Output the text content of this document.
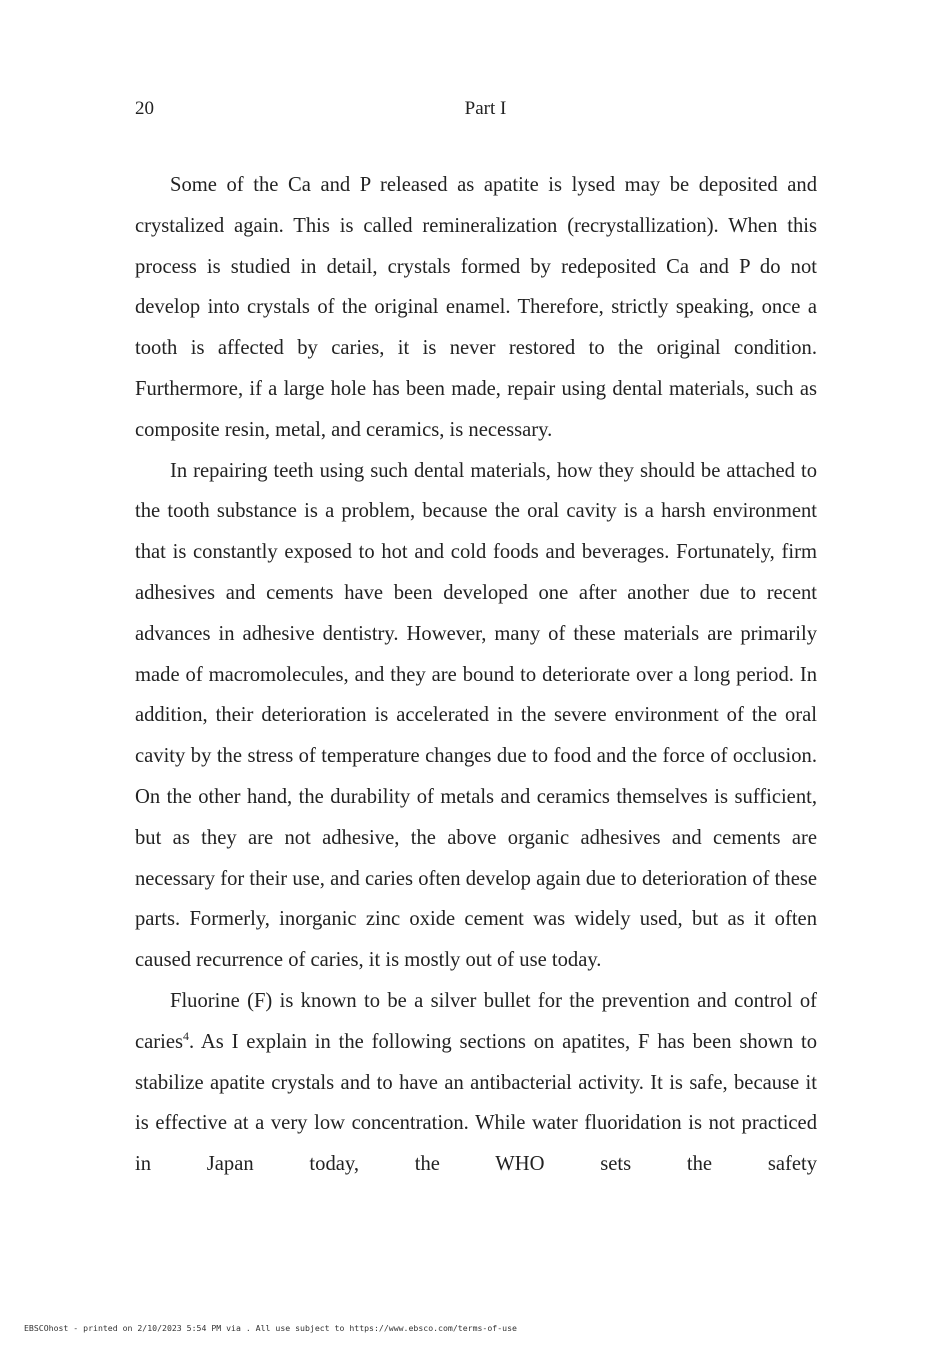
20	Part I

Some of the Ca and P released as apatite is lysed may be deposited and crystalized again. This is called remineralization (recrystallization). When this process is studied in detail, crystals formed by redeposited Ca and P do not develop into crystals of the original enamel. Therefore, strictly speaking, once a tooth is affected by caries, it is never restored to the original condition. Furthermore, if a large hole has been made, repair using dental materials, such as composite resin, metal, and ceramics, is necessary.

In repairing teeth using such dental materials, how they should be attached to the tooth substance is a problem, because the oral cavity is a harsh environment that is constantly exposed to hot and cold foods and beverages. Fortunately, firm adhesives and cements have been developed one after another due to recent advances in adhesive dentistry. However, many of these materials are primarily made of macromolecules, and they are bound to deteriorate over a long period. In addition, their deterioration is accelerated in the severe environment of the oral cavity by the stress of temperature changes due to food and the force of occlusion. On the other hand, the durability of metals and ceramics themselves is sufficient, but as they are not adhesive, the above organic adhesives and cements are necessary for their use, and caries often develop again due to deterioration of these parts. Formerly, inorganic zinc oxide cement was widely used, but as it often caused recurrence of caries, it is mostly out of use today.

Fluorine (F) is known to be a silver bullet for the prevention and control of caries$^4$. As I explain in the following sections on apatites, F has been shown to stabilize apatite crystals and to have an antibacterial activity. It is safe, because it is effective at a very low concentration. While water fluoridation is not practiced in Japan today, the WHO sets the safety

EBSCOhost - printed on 2/10/2023 5:54 PM via . All use subject to https://www.ebsco.com/terms-of-use
